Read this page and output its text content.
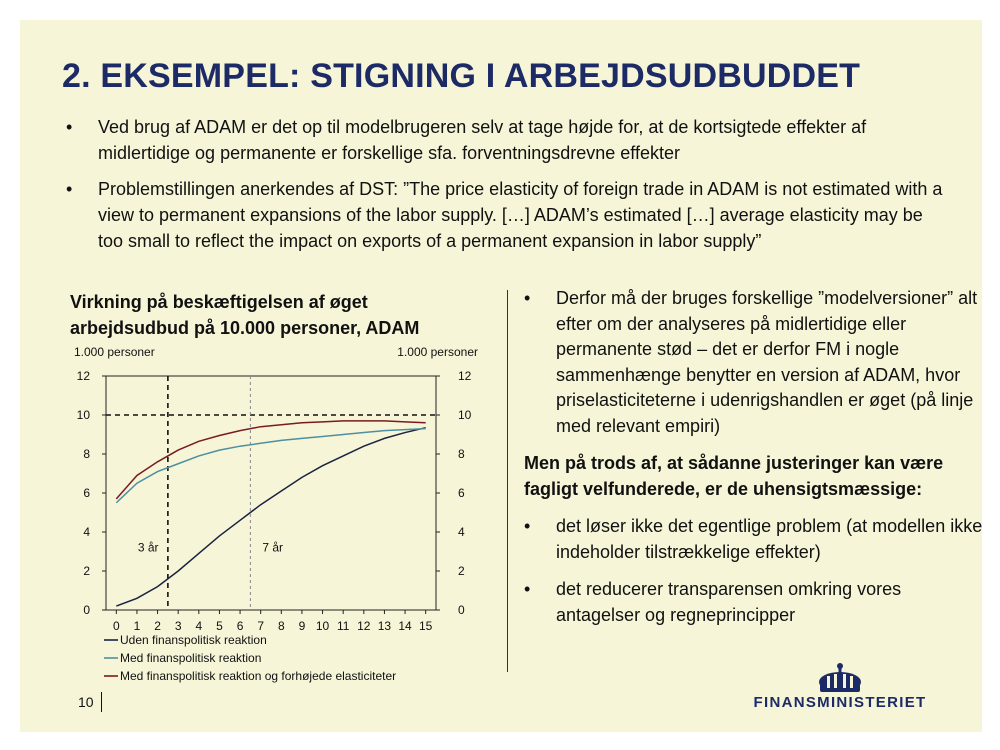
2. EKSEMPEL: STIGNING I ARBEJDSUDBUDDET
• Ved brug af ADAM er det op til modelbrugeren selv at tage højde for, at de kortsigtede effekter af midlertidige og permanente er forskellige sfa. forventningsdrevne effekter
• Problemstillingen anerkendes af DST: ”The price elasticity of foreign trade in ADAM is not estimated with a view to permanent expansions of the labor supply. […] ADAM’s estimated […] average elasticity may be too small to reflect the impact on exports of a permanent expansion in labor supply”
Virkning på beskæftigelsen af øget arbejdsudbud på 10.000 personer, ADAM
1.000 personer	1.000 personer
0	0
2	2
4	4
6	6
8	8
10	10
12	12
0 1 2 3 4 5 6 7 8 9 10 11 12 13 14 15
3 år	7 år
Uden finanspolitisk reaktion
Med finanspolitisk reaktion
Med finanspolitisk reaktion og forhøjede elasticiteter
• Derfor må der bruges forskellige ”modelversioner” alt efter om der analyseres på midlertidige eller permanente stød – det er derfor FM i nogle sammenhænge benytter en version af ADAM, hvor priselasticiteterne i udenrigshandlen er øget (på linje med relevant empiri)
Men på trods af, at sådanne justeringer kan være fagligt velfunderede, er de uhensigtsmæssige:
• det løser ikke det egentlige problem (at modellen ikke indeholder tilstrækkelige effekter)
• det reducerer transparensen omkring vores antagelser og regneprincipper
10	FINANSMINISTERIET
